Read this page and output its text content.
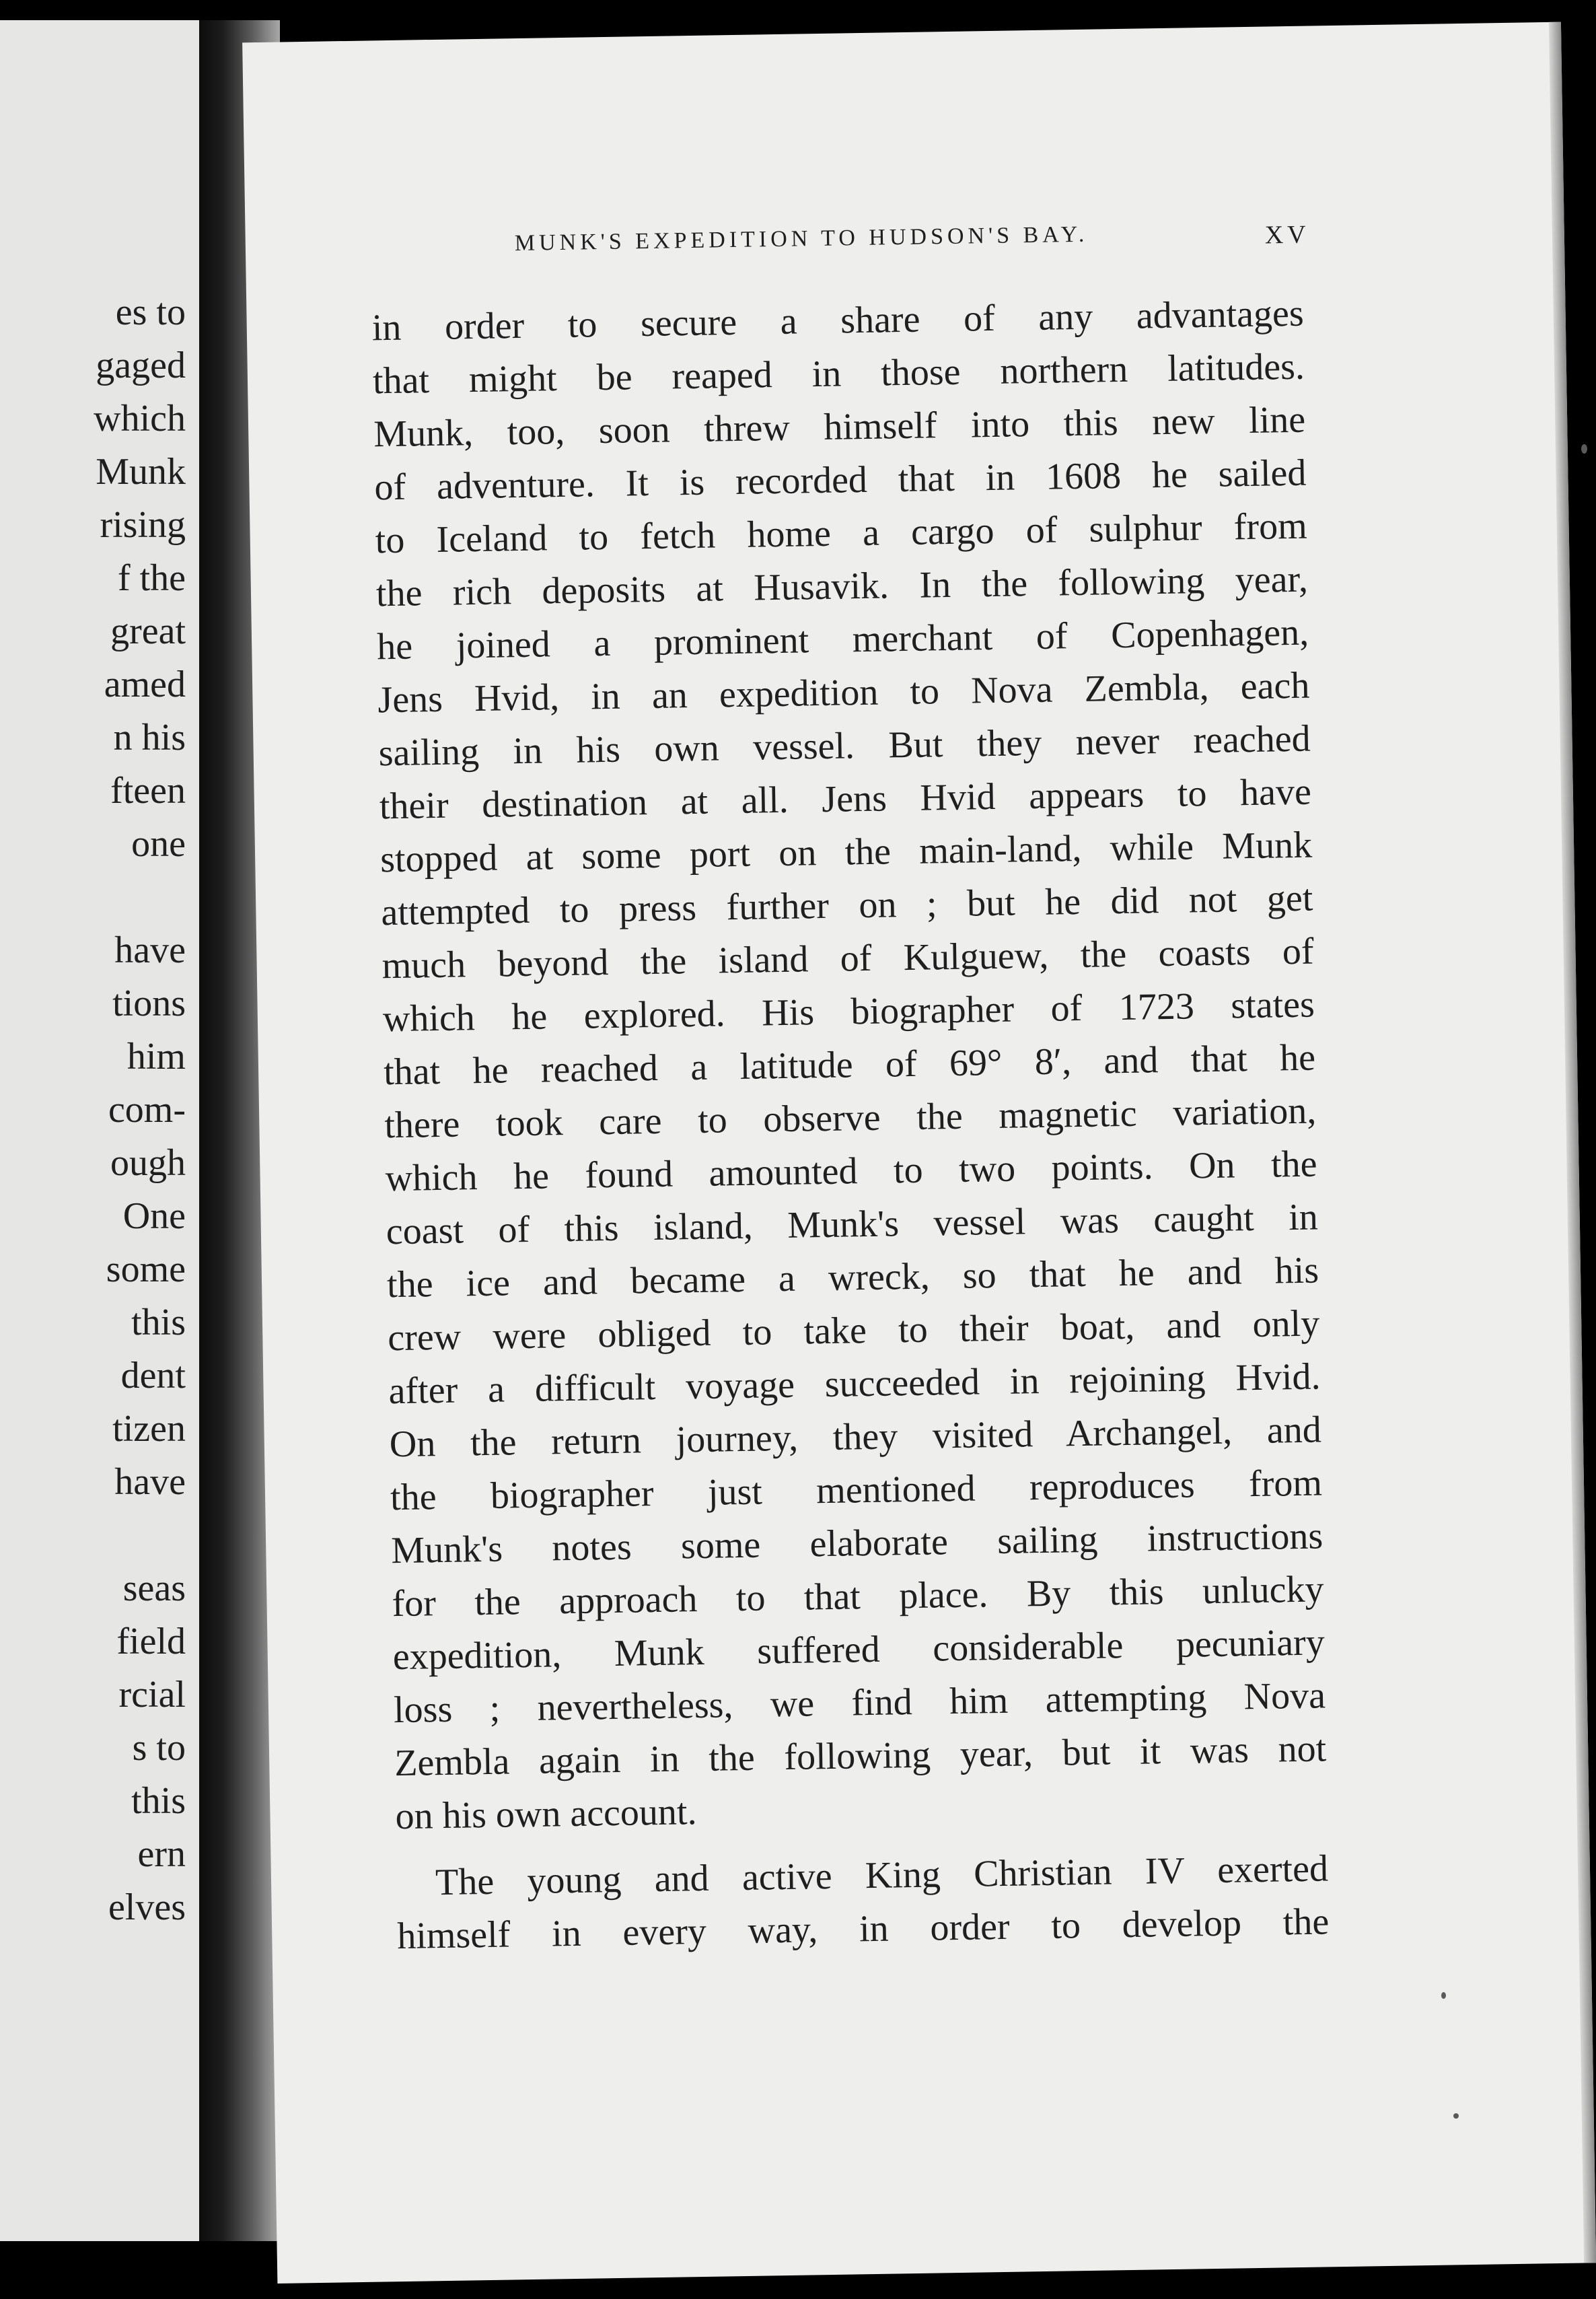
es to
gaged
which
Munk
rising
f the
great
amed
n his
fteen
one
have
tions
him
com-
ough
One
some
this
dent
tizen
have
seas
field
rcial
s to
this
ern
elves
MUNK'S EXPEDITION TO HUDSON'S BAY.	XV
in order to secure a share of any advantages
that might be reaped in those northern latitudes.
Munk, too, soon threw himself into this new line
of adventure. It is recorded that in 1608 he sailed
to Iceland to fetch home a cargo of sulphur from
the rich deposits at Husavik. In the following year,
he joined a prominent merchant of Copenhagen,
Jens Hvid, in an expedition to Nova Zembla, each
sailing in his own vessel. But they never reached
their destination at all. Jens Hvid appears to have
stopped at some port on the main-land, while Munk
attempted to press further on ; but he did not get
much beyond the island of Kulguew, the coasts of
which he explored. His biographer of 1723 states
that he reached a latitude of 69° 8′, and that he
there took care to observe the magnetic variation,
which he found amounted to two points. On the
coast of this island, Munk's vessel was caught in
the ice and became a wreck, so that he and his
crew were obliged to take to their boat, and only
after a difficult voyage succeeded in rejoining Hvid.
On the return journey, they visited Archangel, and
the biographer just mentioned reproduces from
Munk's notes some elaborate sailing instructions
for the approach to that place. By this unlucky
expedition, Munk suffered considerable pecuniary
loss ; nevertheless, we find him attempting Nova
Zembla again in the following year, but it was not
on his own account.
The young and active King Christian IV exerted
himself in every way, in order to develop the
